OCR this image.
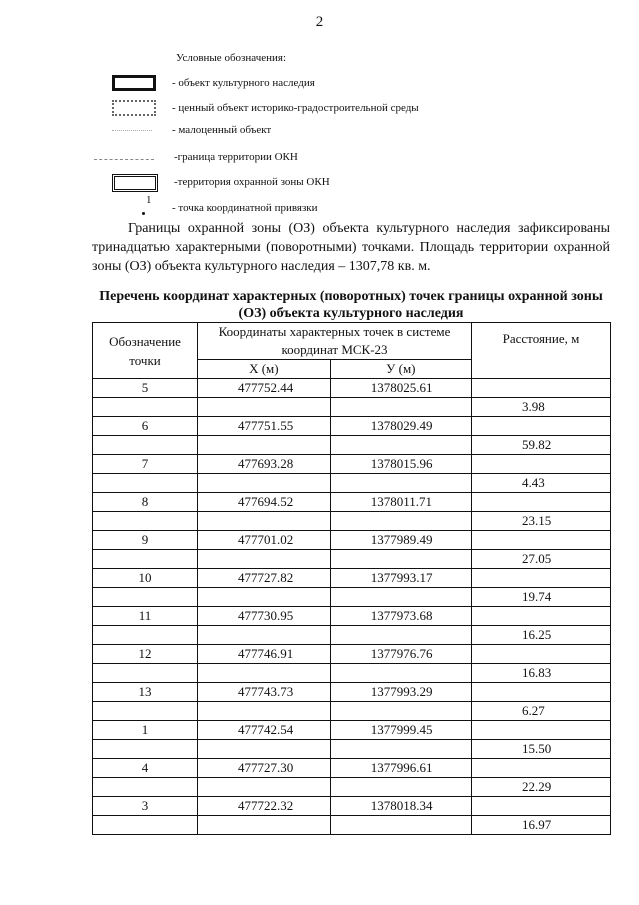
2
Условные обозначения:
- объект культурного наследия
- ценный объект историко-градостроительной среды
- малоценный объект
-граница территории ОКН
-территория охранной зоны ОКН
1

- точка координатной привязки
Границы охранной зоны (ОЗ) объекта культурного наследия зафиксированы тринадцатью характерными (поворотными) точками. Площадь территории охранной зоны (ОЗ) объекта культурного наследия – 1307,78 кв. м.
Перечень координат характерных (поворотных) точек границы охранной зоны (ОЗ) объекта культурного наследия
Обозначение точки	Координаты характерных точек в системе координат МСК-23		Расстояние, м
	X (м)	У (м)	
5	477752.44	1378025.61	
			3.98
6	477751.55	1378029.49	
			59.82
7	477693.28	1378015.96	
			4.43
8	477694.52	1378011.71	
			23.15
9	477701.02	1377989.49	
			27.05
10	477727.82	1377993.17	
			19.74
11	477730.95	1377973.68	
			16.25
12	477746.91	1377976.76	
			16.83
13	477743.73	1377993.29	
			6.27
1	477742.54	1377999.45	
			15.50
4	477727.30	1377996.61	
			22.29
3	477722.32	1378018.34	
			16.97
